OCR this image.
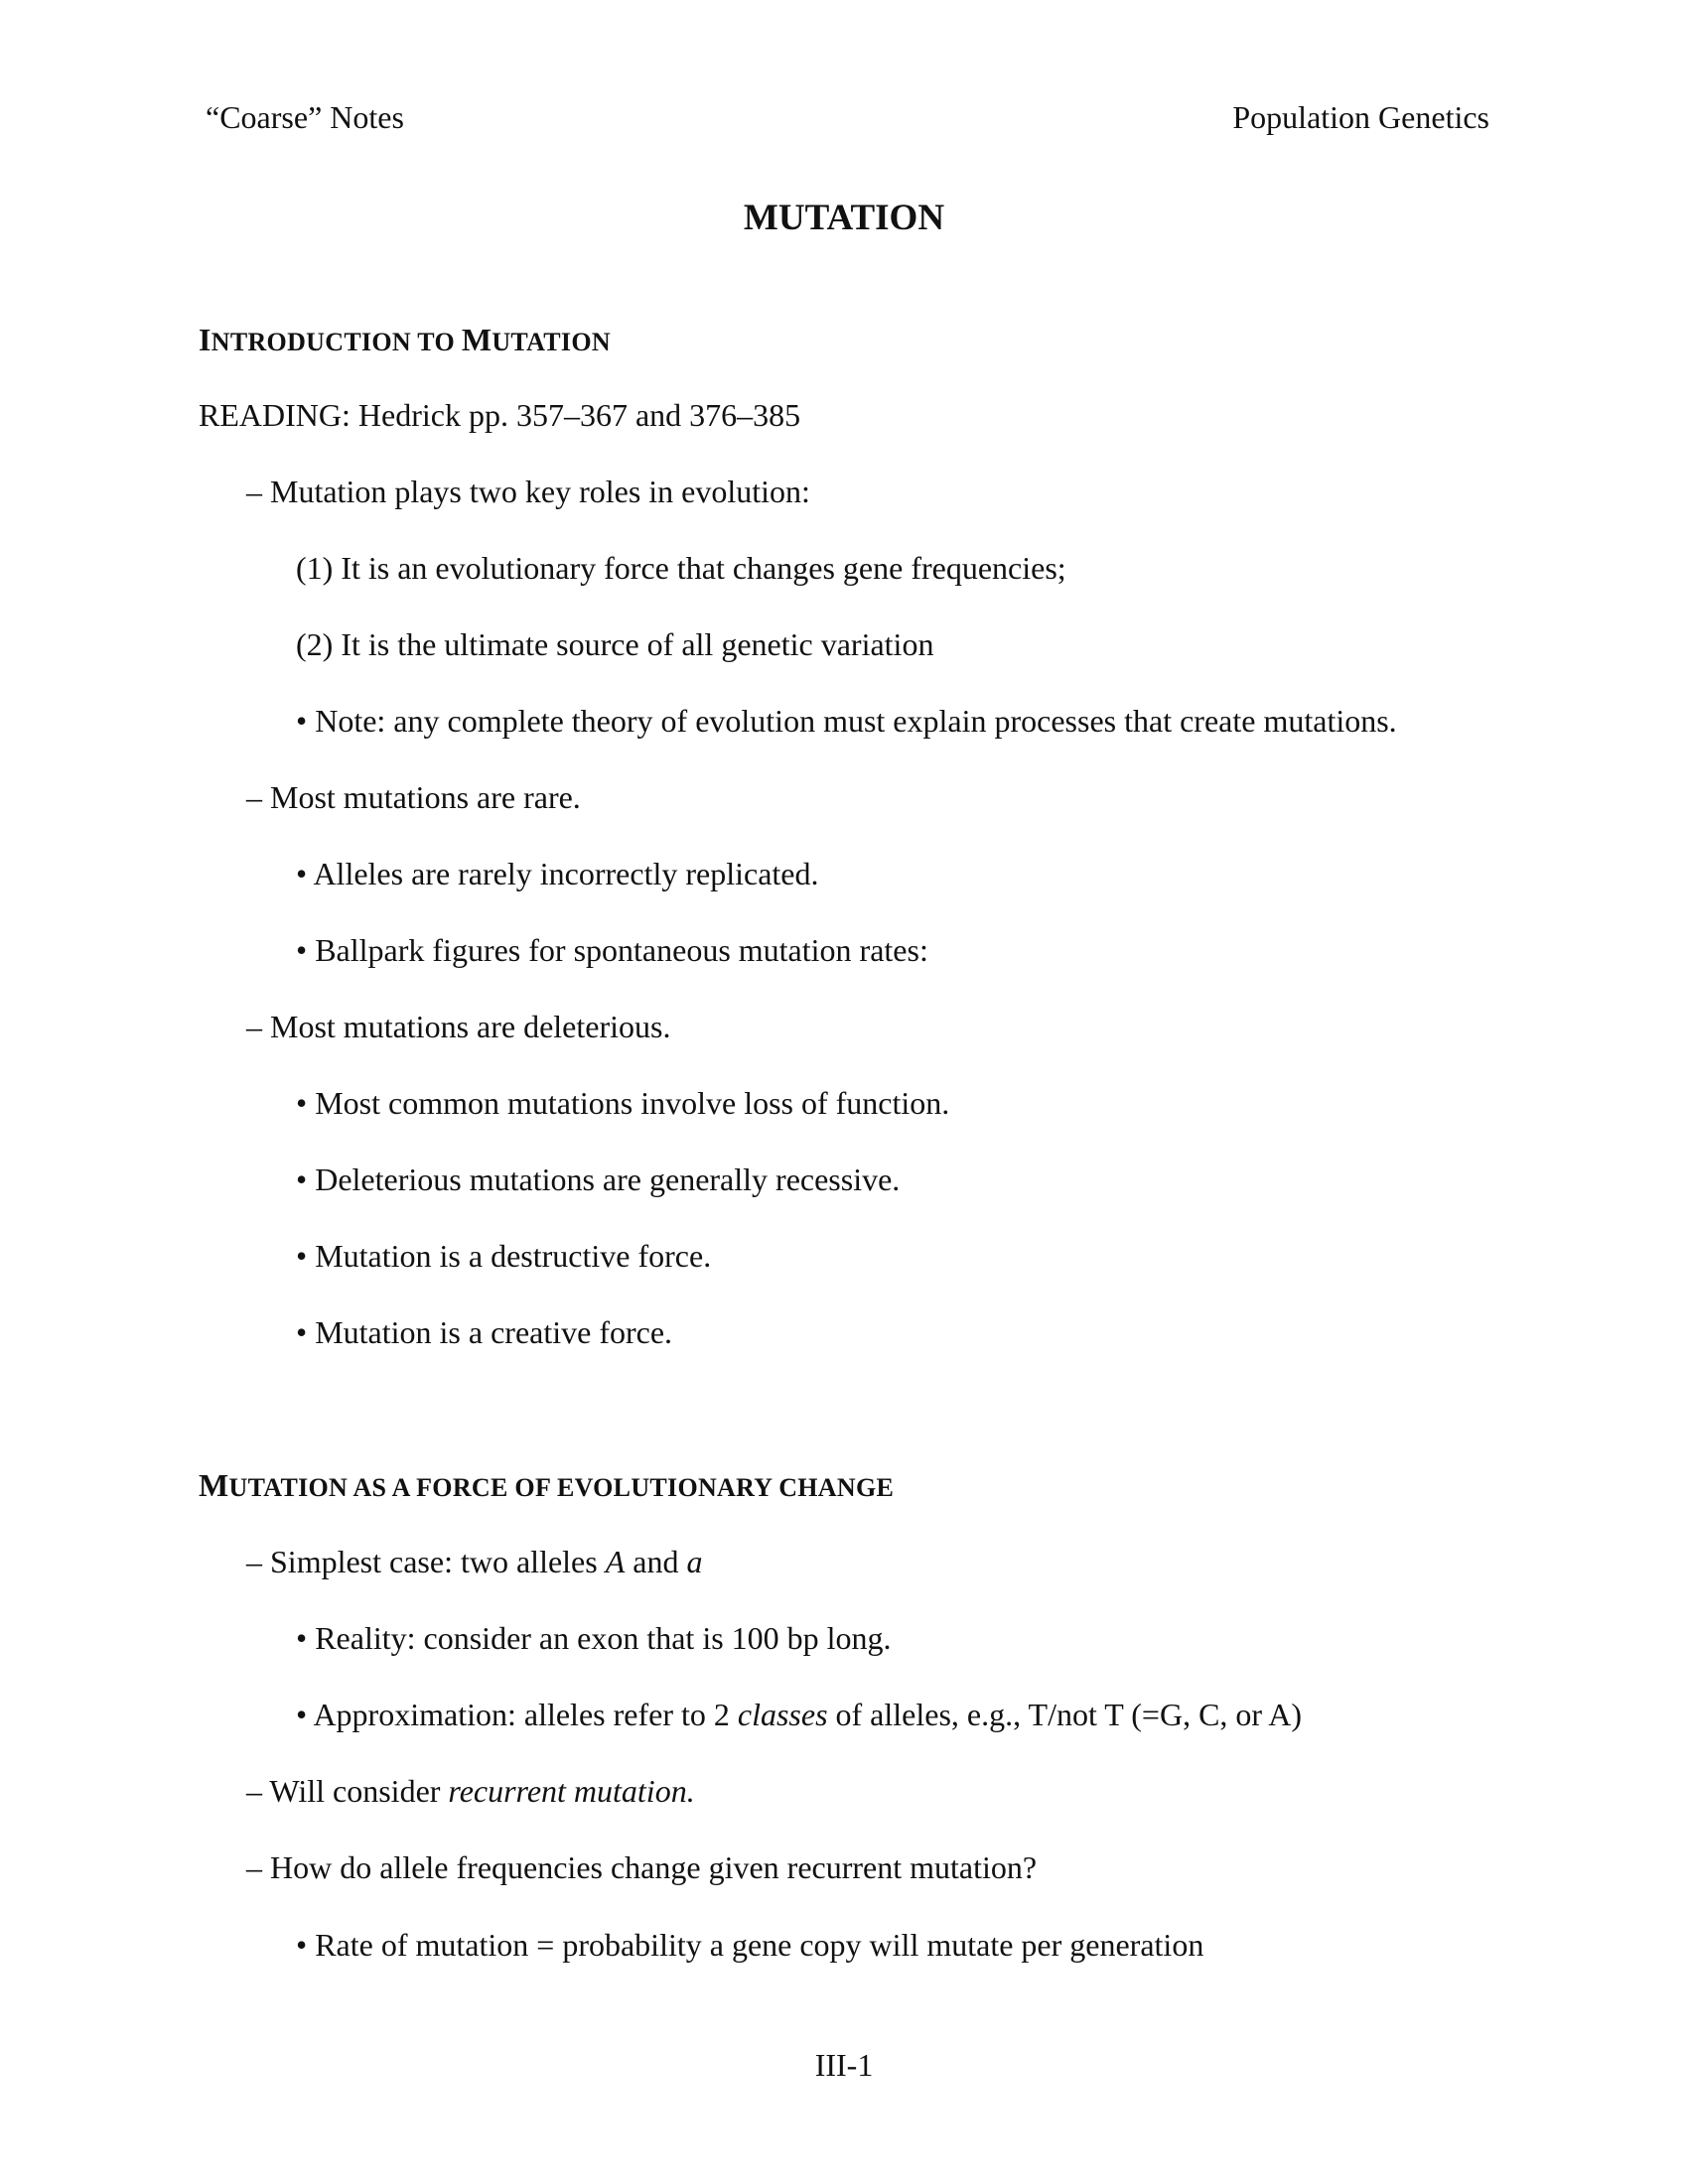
“Coarse” Notes	Population Genetics
MUTATION
INTRODUCTION TO MUTATION
READING: Hedrick pp. 357–367 and 376–385
– Mutation plays two key roles in evolution:
(1) It is an evolutionary force that changes gene frequencies;
(2) It is the ultimate source of all genetic variation
• Note: any complete theory of evolution must explain processes that create mutations.
– Most mutations are rare.
• Alleles are rarely incorrectly replicated.
• Ballpark figures for spontaneous mutation rates:
– Most mutations are deleterious.
• Most common mutations involve loss of function.
• Deleterious mutations are generally recessive.
• Mutation is a destructive force.
• Mutation is a creative force.
MUTATION AS A FORCE OF EVOLUTIONARY CHANGE
– Simplest case: two alleles A and a
• Reality: consider an exon that is 100 bp long.
• Approximation: alleles refer to 2 classes of alleles, e.g., T/not T (=G, C, or A)
– Will consider recurrent mutation.
– How do allele frequencies change given recurrent mutation?
• Rate of mutation = probability a gene copy will mutate per generation
III-1
